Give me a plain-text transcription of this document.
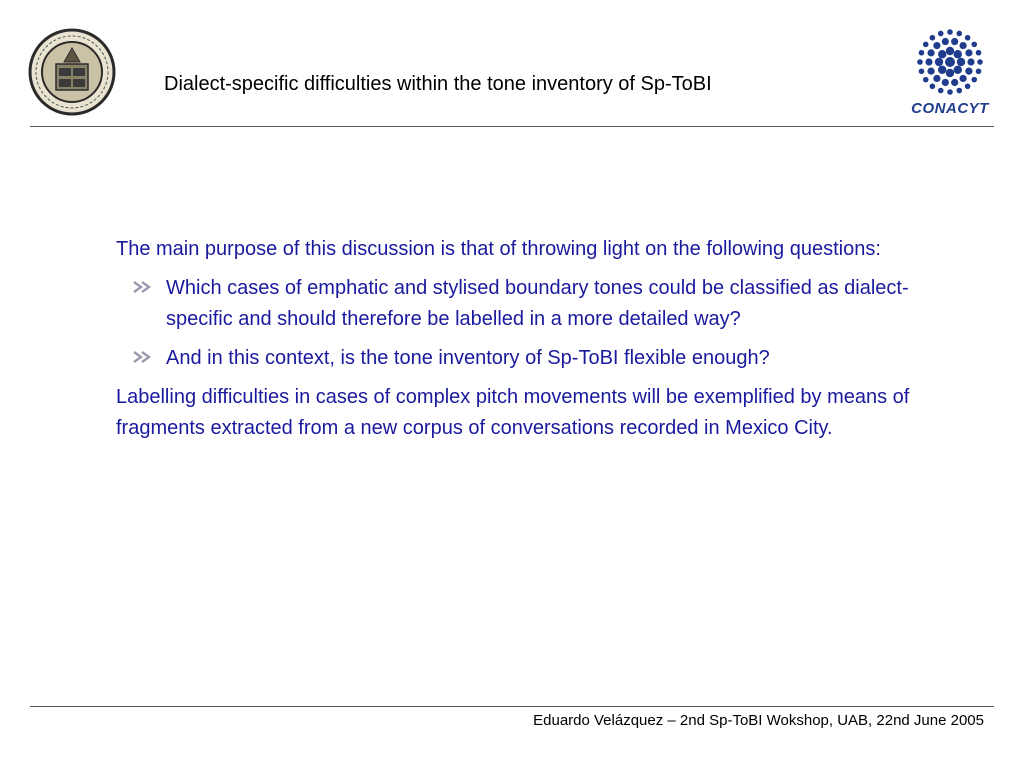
Dialect-specific difficulties within the tone inventory of Sp-ToBI
CONACYT

The main purpose of this discussion is that of throwing light on the following questions:

Which cases of emphatic and stylised boundary tones could be classified as dialect-specific and should therefore be labelled in a more detailed way?
And in this context, is the tone inventory of Sp-ToBI flexible enough?

Labelling difficulties in cases of complex pitch movements will be exemplified by means of fragments extracted from a new corpus of conversations recorded in Mexico City.

Eduardo Velázquez – 2nd Sp-ToBI Wokshop, UAB, 22nd June 2005
